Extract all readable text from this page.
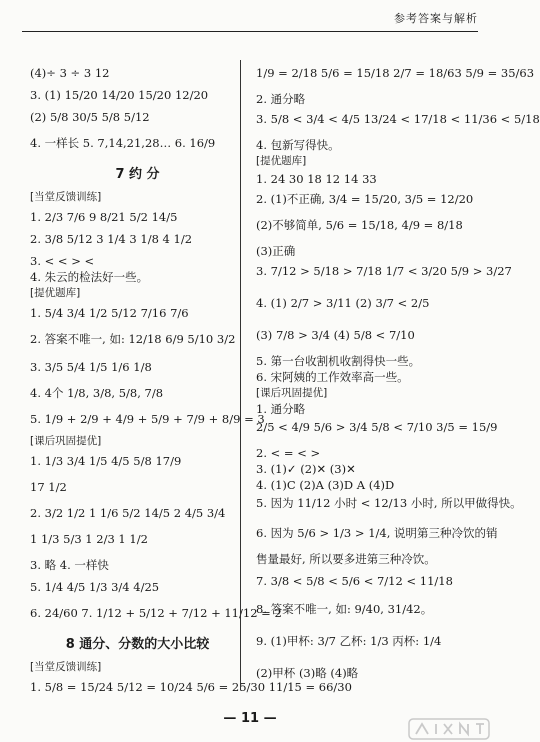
参考答案与解析
(4)÷ 3 ÷ 3 12
3. (1) 15/20 14/20 15/20 12/20
(2) 5/8 30/5 5/8 5/12
4. 一样长 5. 7,14,21,28… 6. 16/9
7 约 分
[当堂反馈训练]
1. 2/3 7/6 9 8/21 5/2 14/5
2. 3/8 5/12 3 1/4 3 1/8 4 1/2
3. < < > <
4. 朱云的检法好一些。
[提优题库]
1. 5/4 3/4 1/2 5/12 7/16 7/6
2. 答案不唯一, 如: 12/18 6/9 5/10 3/2
3. 3/5 5/4 1/5 1/6 1/8
4. 4个 1/8, 3/8, 5/8, 7/8
5. 1/9 + 2/9 + 4/9 + 5/9 + 7/9 + 8/9 = 3
[课后巩固提优]
1. 1/3 3/4 1/5 4/5 5/8 17/9
17 1/2
2. 3/2 1/2 1 1/6 5/2 14/5 2 4/5 3/4
1 1/3 5/3 1 2/3 1 1/2
3. 略 4. 一样快
5. 1/4 4/5 1/3 3/4 4/25
6. 24/60 7. 1/12 + 5/12 + 7/12 + 11/12 = 2
8 通分、分数的大小比较
[当堂反馈训练]
1. 5/8 = 15/24 5/12 = 10/24 5/6 = 25/30 11/15 = 66/30
1/9 = 2/18 5/6 = 15/18 2/7 = 18/63 5/9 = 35/63
2. 通分略
3. 5/8 < 3/4 < 4/5 13/24 < 17/18 < 11/36 < 5/18
4. 包新写得快。
[提优题库]
1. 24 30 18 12 14 33
2. (1)不正确, 3/4 = 15/20, 3/5 = 12/20
(2)不够简单, 5/6 = 15/18, 4/9 = 8/18
(3)正确
3. 7/12 > 5/18 > 7/18 1/7 < 3/20 5/9 > 3/27
4. (1) 2/7 > 3/11 (2) 3/7 < 2/5
(3) 7/8 > 3/4 (4) 5/8 < 7/10
5. 第一台收割机收割得快一些。
6. 宋阿姨的工作效率高一些。
[课后巩固提优]
1. 通分略
2/5 < 4/9 5/6 > 3/4 5/8 < 7/10 3/5 = 15/9
2. < = < >
3. (1)✓ (2)✕ (3)✕
4. (1)C (2)A (3)D A (4)D
5. 因为 11/12 小时 < 12/13 小时, 所以甲做得快。
6. 因为 5/6 > 1/3 > 1/4, 说明第三种冷饮的销
售量最好, 所以要多进第三种冷饮。
7. 3/8 < 5/8 < 5/6 < 7/12 < 11/18
8. 答案不唯一, 如: 9/40, 31/42。
9. (1)甲杯: 3/7 乙杯: 1/3 丙杯: 1/4
(2)甲杯 (3)略 (4)略
— 11 —
